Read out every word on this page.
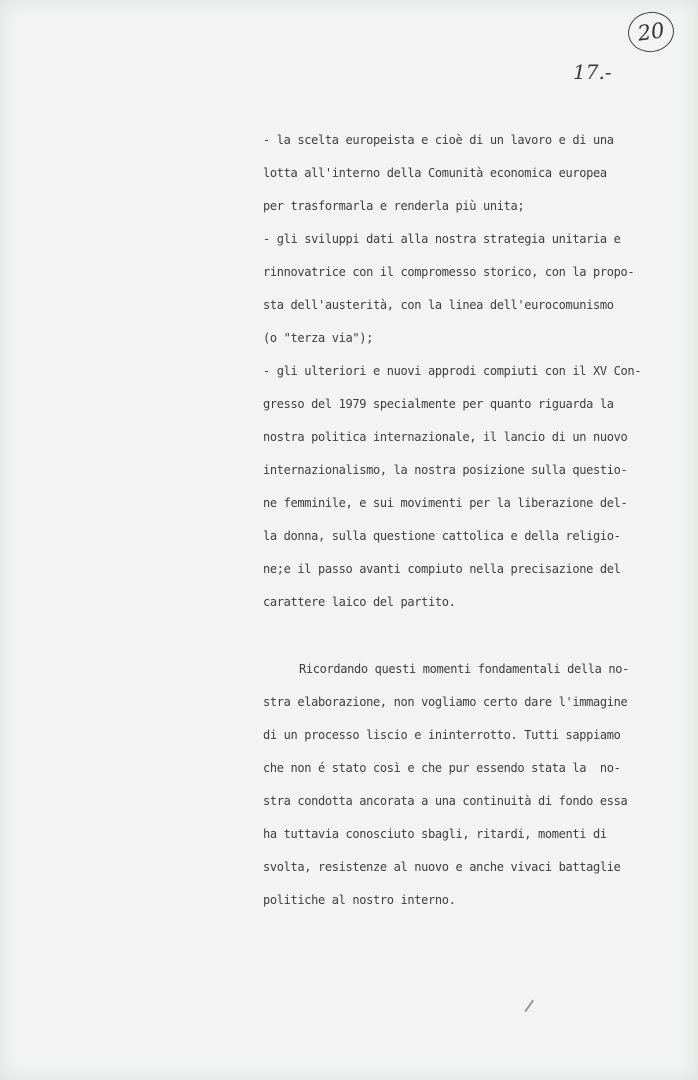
20
17.-
- la scelta europeista e cioè di un lavoro e di una
lotta all'interno della Comunità economica europea
per trasformarla e renderla più unita;
- gli sviluppi dati alla nostra strategia unitaria e
rinnovatrice con il compromesso storico, con la propo-
sta dell'austerità, con la linea dell'eurocomunismo
(o "terza via");
- gli ulteriori e nuovi approdi compiuti con il XV Con-
gresso del 1979 specialmente per quanto riguarda la
nostra politica internazionale, il lancio di un nuovo
internazionalismo, la nostra posizione sulla questio-
ne femminile, e sui movimenti per la liberazione del-
la donna, sulla questione cattolica e della religio-
ne;e il passo avanti compiuto nella precisazione del
carattere laico del partito.
Ricordando questi momenti fondamentali della no-
stra elaborazione, non vogliamo certo dare l'immagine
di un processo liscio e ininterrotto. Tutti sappiamo
che non é stato così e che pur essendo stata la  no-
stra condotta ancorata a una continuità di fondo essa
ha tuttavia conosciuto sbagli, ritardi, momenti di
svolta, resistenze al nuovo e anche vivaci battaglie
politiche al nostro interno.
